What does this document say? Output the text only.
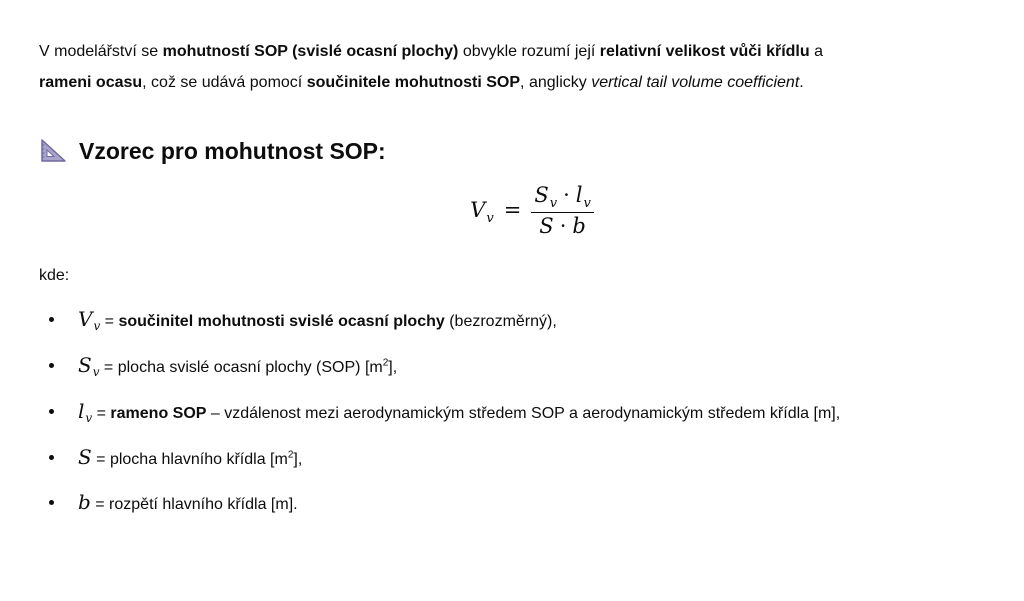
V modelářství se mohutností SOP (svislé ocasní plochy) obvykle rozumí její relativní velikost vůči křídlu a
rameni ocasu, což se udává pomocí součinitele mohutnosti SOP, anglicky vertical tail volume coefficient.

Vzorec pro mohutnost SOP:
$V_v = \frac{S_v \cdot l_v}{S \cdot b}$
kde:
$V_v$ = součinitel mohutnosti svislé ocasní plochy (bezrozměrný),
$S_v$ = plocha svislé ocasní plochy (SOP) $[m^2]$,
$l_v$ = rameno SOP – vzdálenost mezi aerodynamickým středem SOP a aerodynamickým středem křídla [m],
S = plocha hlavního křídla $[m^2]$,
b = rozpětí hlavního křídla [m].
